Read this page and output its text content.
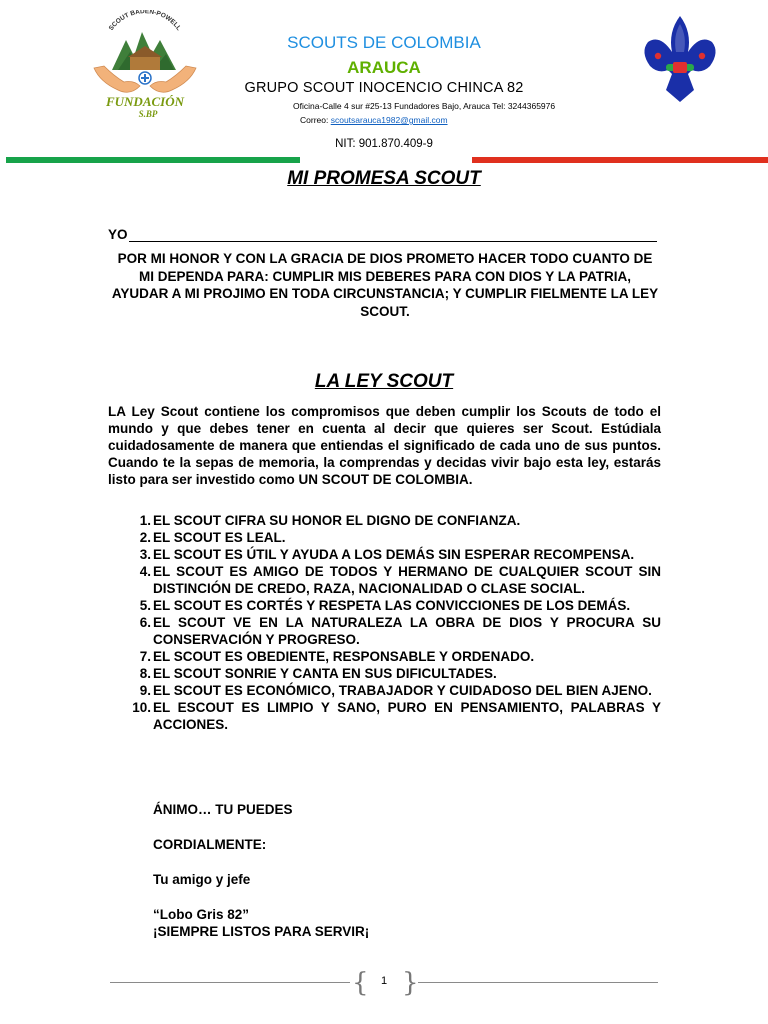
SCOUT BADEN-POWELL
FUNDACIÓN
S.BP
SCOUTS DE COLOMBIA
ARAUCA
GRUPO SCOUT INOCENCIO CHINCA 82
Oficina-Calle 4 sur #25-13 Fundadores Bajo, Arauca Tel: 3244365976
Correo: scoutsarauca1982@gmail.com
NIT: 901.870.409-9
MI PROMESA SCOUT
YO
POR MI HONOR Y CON LA GRACIA DE DIOS PROMETO HACER TODO CUANTO DE MI DEPENDA PARA: CUMPLIR MIS DEBERES PARA CON DIOS Y LA PATRIA, AYUDAR A MI PROJIMO EN TODA CIRCUNSTANCIA; Y CUMPLIR FIELMENTE LA LEY SCOUT.
LA LEY SCOUT
LA Ley Scout contiene los compromisos que deben cumplir los Scouts de todo el mundo y que debes tener en cuenta al decir que quieres ser Scout. Estúdiala cuidadosamente de manera que entiendas el significado de cada uno de sus puntos. Cuando te la sepas de memoria, la comprendas y decidas vivir bajo esta ley, estarás listo para ser investido como UN SCOUT DE COLOMBIA.
1. EL SCOUT CIFRA SU HONOR EL DIGNO DE CONFIANZA.
2. EL SCOUT ES LEAL.
3. EL SCOUT ES ÚTIL Y AYUDA A LOS DEMÁS SIN ESPERAR RECOMPENSA.
4. EL SCOUT ES AMIGO DE TODOS Y HERMANO DE CUALQUIER SCOUT SIN DISTINCIÓN DE CREDO, RAZA, NACIONALIDAD O CLASE SOCIAL.
5. EL SCOUT ES CORTÉS Y RESPETA LAS CONVICCIONES DE LOS DEMÁS.
6. EL SCOUT VE EN LA NATURALEZA LA OBRA DE DIOS Y PROCURA SU CONSERVACIÓN Y PROGRESO.
7. EL SCOUT ES OBEDIENTE, RESPONSABLE Y ORDENADO.
8. EL SCOUT SONRIE Y CANTA EN SUS DIFICULTADES.
9. EL SCOUT ES ECONÓMICO, TRABAJADOR Y CUIDADOSO DEL BIEN AJENO.
10. EL ESCOUT ES LIMPIO Y SANO, PURO EN PENSAMIENTO, PALABRAS Y ACCIONES.
ÁNIMO… TU PUEDES
CORDIALMENTE:
Tu amigo y jefe
“Lobo Gris 82”
¡SIEMPRE LISTOS PARA SERVIR¡
{ }
1
